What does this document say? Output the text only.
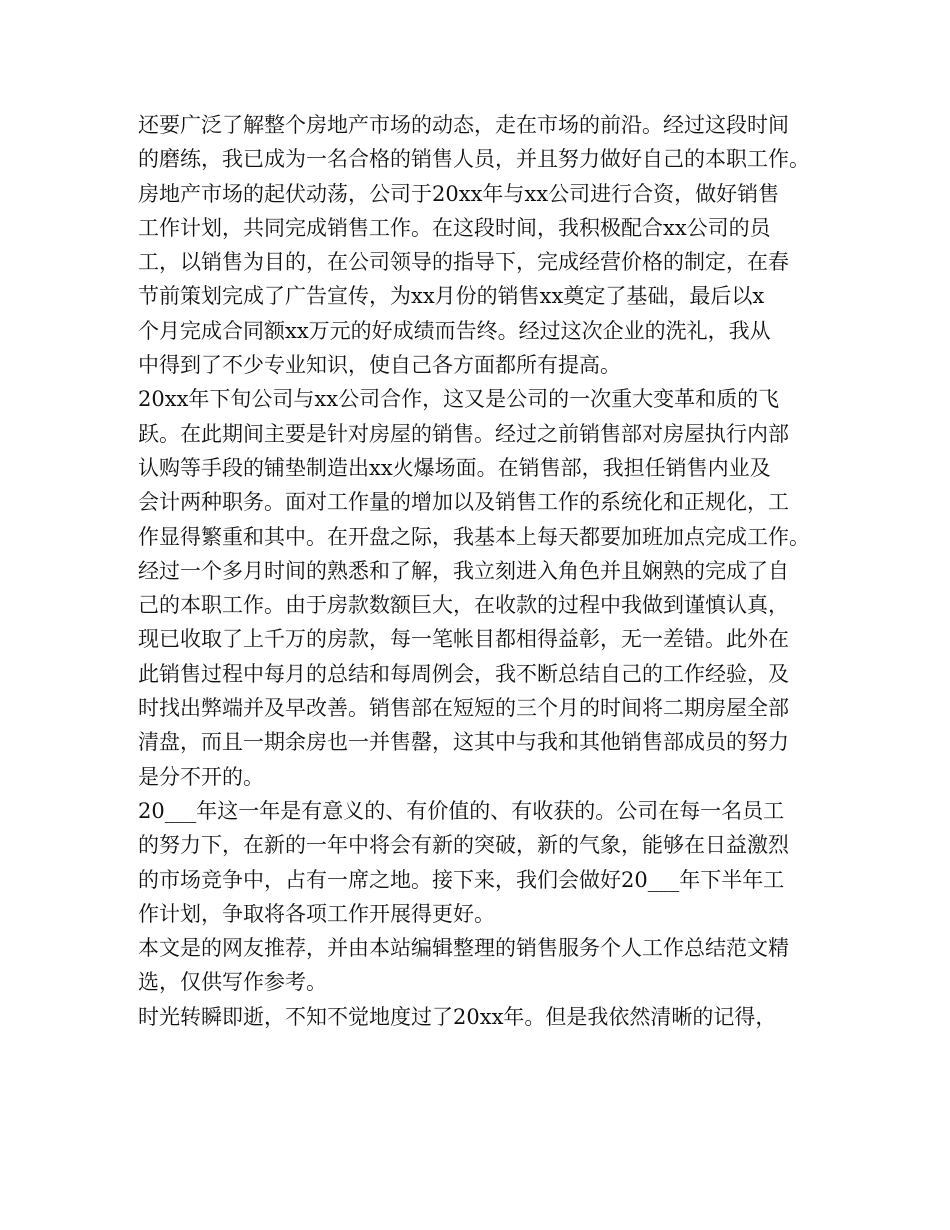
还要广泛了解整个房地产市场的动态，走在市场的前沿。经过这段时间
的磨练，我已成为一名合格的销售人员，并且努力做好自己的本职工作。
房地产市场的起伏动荡，公司于20xx年与xx公司进行合资，做好销售
工作计划，共同完成销售工作。在这段时间，我积极配合xx公司的员
工，以销售为目的，在公司领导的指导下，完成经营价格的制定，在春
节前策划完成了广告宣传，为xx月份的销售xx奠定了基础，最后以x
个月完成合同额xx万元的好成绩而告终。经过这次企业的洗礼，我从
中得到了不少专业知识，使自己各方面都所有提高。
20xx年下旬公司与xx公司合作，这又是公司的一次重大变革和质的飞
跃。在此期间主要是针对房屋的销售。经过之前销售部对房屋执行内部
认购等手段的铺垫制造出xx火爆场面。在销售部，我担任销售内业及
会计两种职务。面对工作量的增加以及销售工作的系统化和正规化，工
作显得繁重和其中。在开盘之际，我基本上每天都要加班加点完成工作。
经过一个多月时间的熟悉和了解，我立刻进入角色并且娴熟的完成了自
己的本职工作。由于房款数额巨大，在收款的过程中我做到谨慎认真，
现已收取了上千万的房款，每一笔帐目都相得益彰，无一差错。此外在
此销售过程中每月的总结和每周例会，我不断总结自己的工作经验，及
时找出弊端并及早改善。销售部在短短的三个月的时间将二期房屋全部
清盘，而且一期余房也一并售罄，这其中与我和其他销售部成员的努力
是分不开的。
20___年这一年是有意义的、有价值的、有收获的。公司在每一名员工
的努力下，在新的一年中将会有新的突破，新的气象，能够在日益激烈
的市场竞争中，占有一席之地。接下来，我们会做好20___年下半年工
作计划，争取将各项工作开展得更好。
本文是的网友推荐，并由本站编辑整理的销售服务个人工作总结范文精
选，仅供写作参考。
时光转瞬即逝，不知不觉地度过了20xx年。但是我依然清晰的记得，
